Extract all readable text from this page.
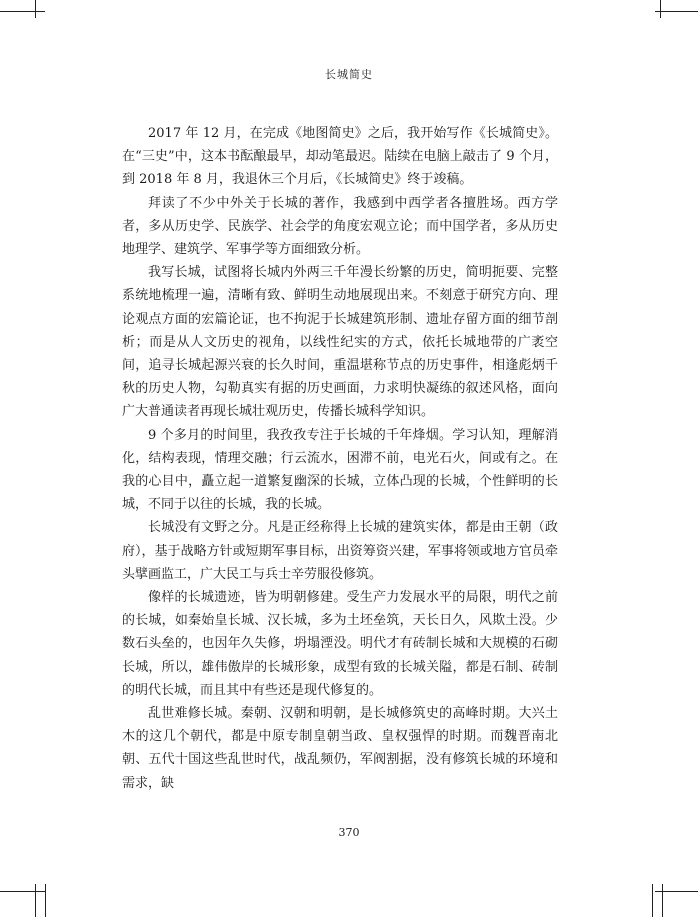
长城简史

2017 年 12 月，在完成《地图简史》之后，我开始写作《长城简史》。在“三史”中，这本书酝酿最早，却动笔最迟。陆续在电脑上敲击了 9 个月，到 2018 年 8 月，我退休三个月后，《长城简史》终于竣稿。

拜读了不少中外关于长城的著作，我感到中西学者各擅胜场。西方学者，多从历史学、民族学、社会学的角度宏观立论；而中国学者，多从历史地理学、建筑学、军事学等方面细致分析。

我写长城，试图将长城内外两三千年漫长纷繁的历史，简明扼要、完整系统地梳理一遍，清晰有致、鲜明生动地展现出来。不刻意于研究方向、理论观点方面的宏篇论证，也不拘泥于长城建筑形制、遗址存留方面的细节剖析；而是从人文历史的视角，以线性纪实的方式，依托长城地带的广袤空间，追寻长城起源兴衰的长久时间，重温堪称节点的历史事件，相逢彪炳千秋的历史人物，勾勒真实有据的历史画面，力求明快凝练的叙述风格，面向广大普通读者再现长城壮观历史，传播长城科学知识。

9 个多月的时间里，我孜孜专注于长城的千年烽烟。学习认知，理解消化，结构表现，情理交融；行云流水，困滞不前，电光石火，间或有之。在我的心目中，矗立起一道繁复幽深的长城，立体凸现的长城，个性鲜明的长城，不同于以往的长城，我的长城。

长城没有文野之分。凡是正经称得上长城的建筑实体，都是由王朝（政府），基于战略方针或短期军事目标，出资筹资兴建，军事将领或地方官员牵头擘画监工，广大民工与兵士辛劳服役修筑。

像样的长城遗迹，皆为明朝修建。受生产力发展水平的局限，明代之前的长城，如秦始皇长城、汉长城，多为土坯垒筑，天长日久，风欺土没。少数石头垒的，也因年久失修，坍塌湮没。明代才有砖制长城和大规模的石砌长城，所以，雄伟傲岸的长城形象，成型有致的长城关隘，都是石制、砖制的明代长城，而且其中有些还是现代修复的。

乱世难修长城。秦朝、汉朝和明朝，是长城修筑史的高峰时期。大兴土木的这几个朝代，都是中原专制皇朝当政、皇权强悍的时期。而魏晋南北朝、五代十国这些乱世时代，战乱频仍，军阀割据，没有修筑长城的环境和需求，缺

370
